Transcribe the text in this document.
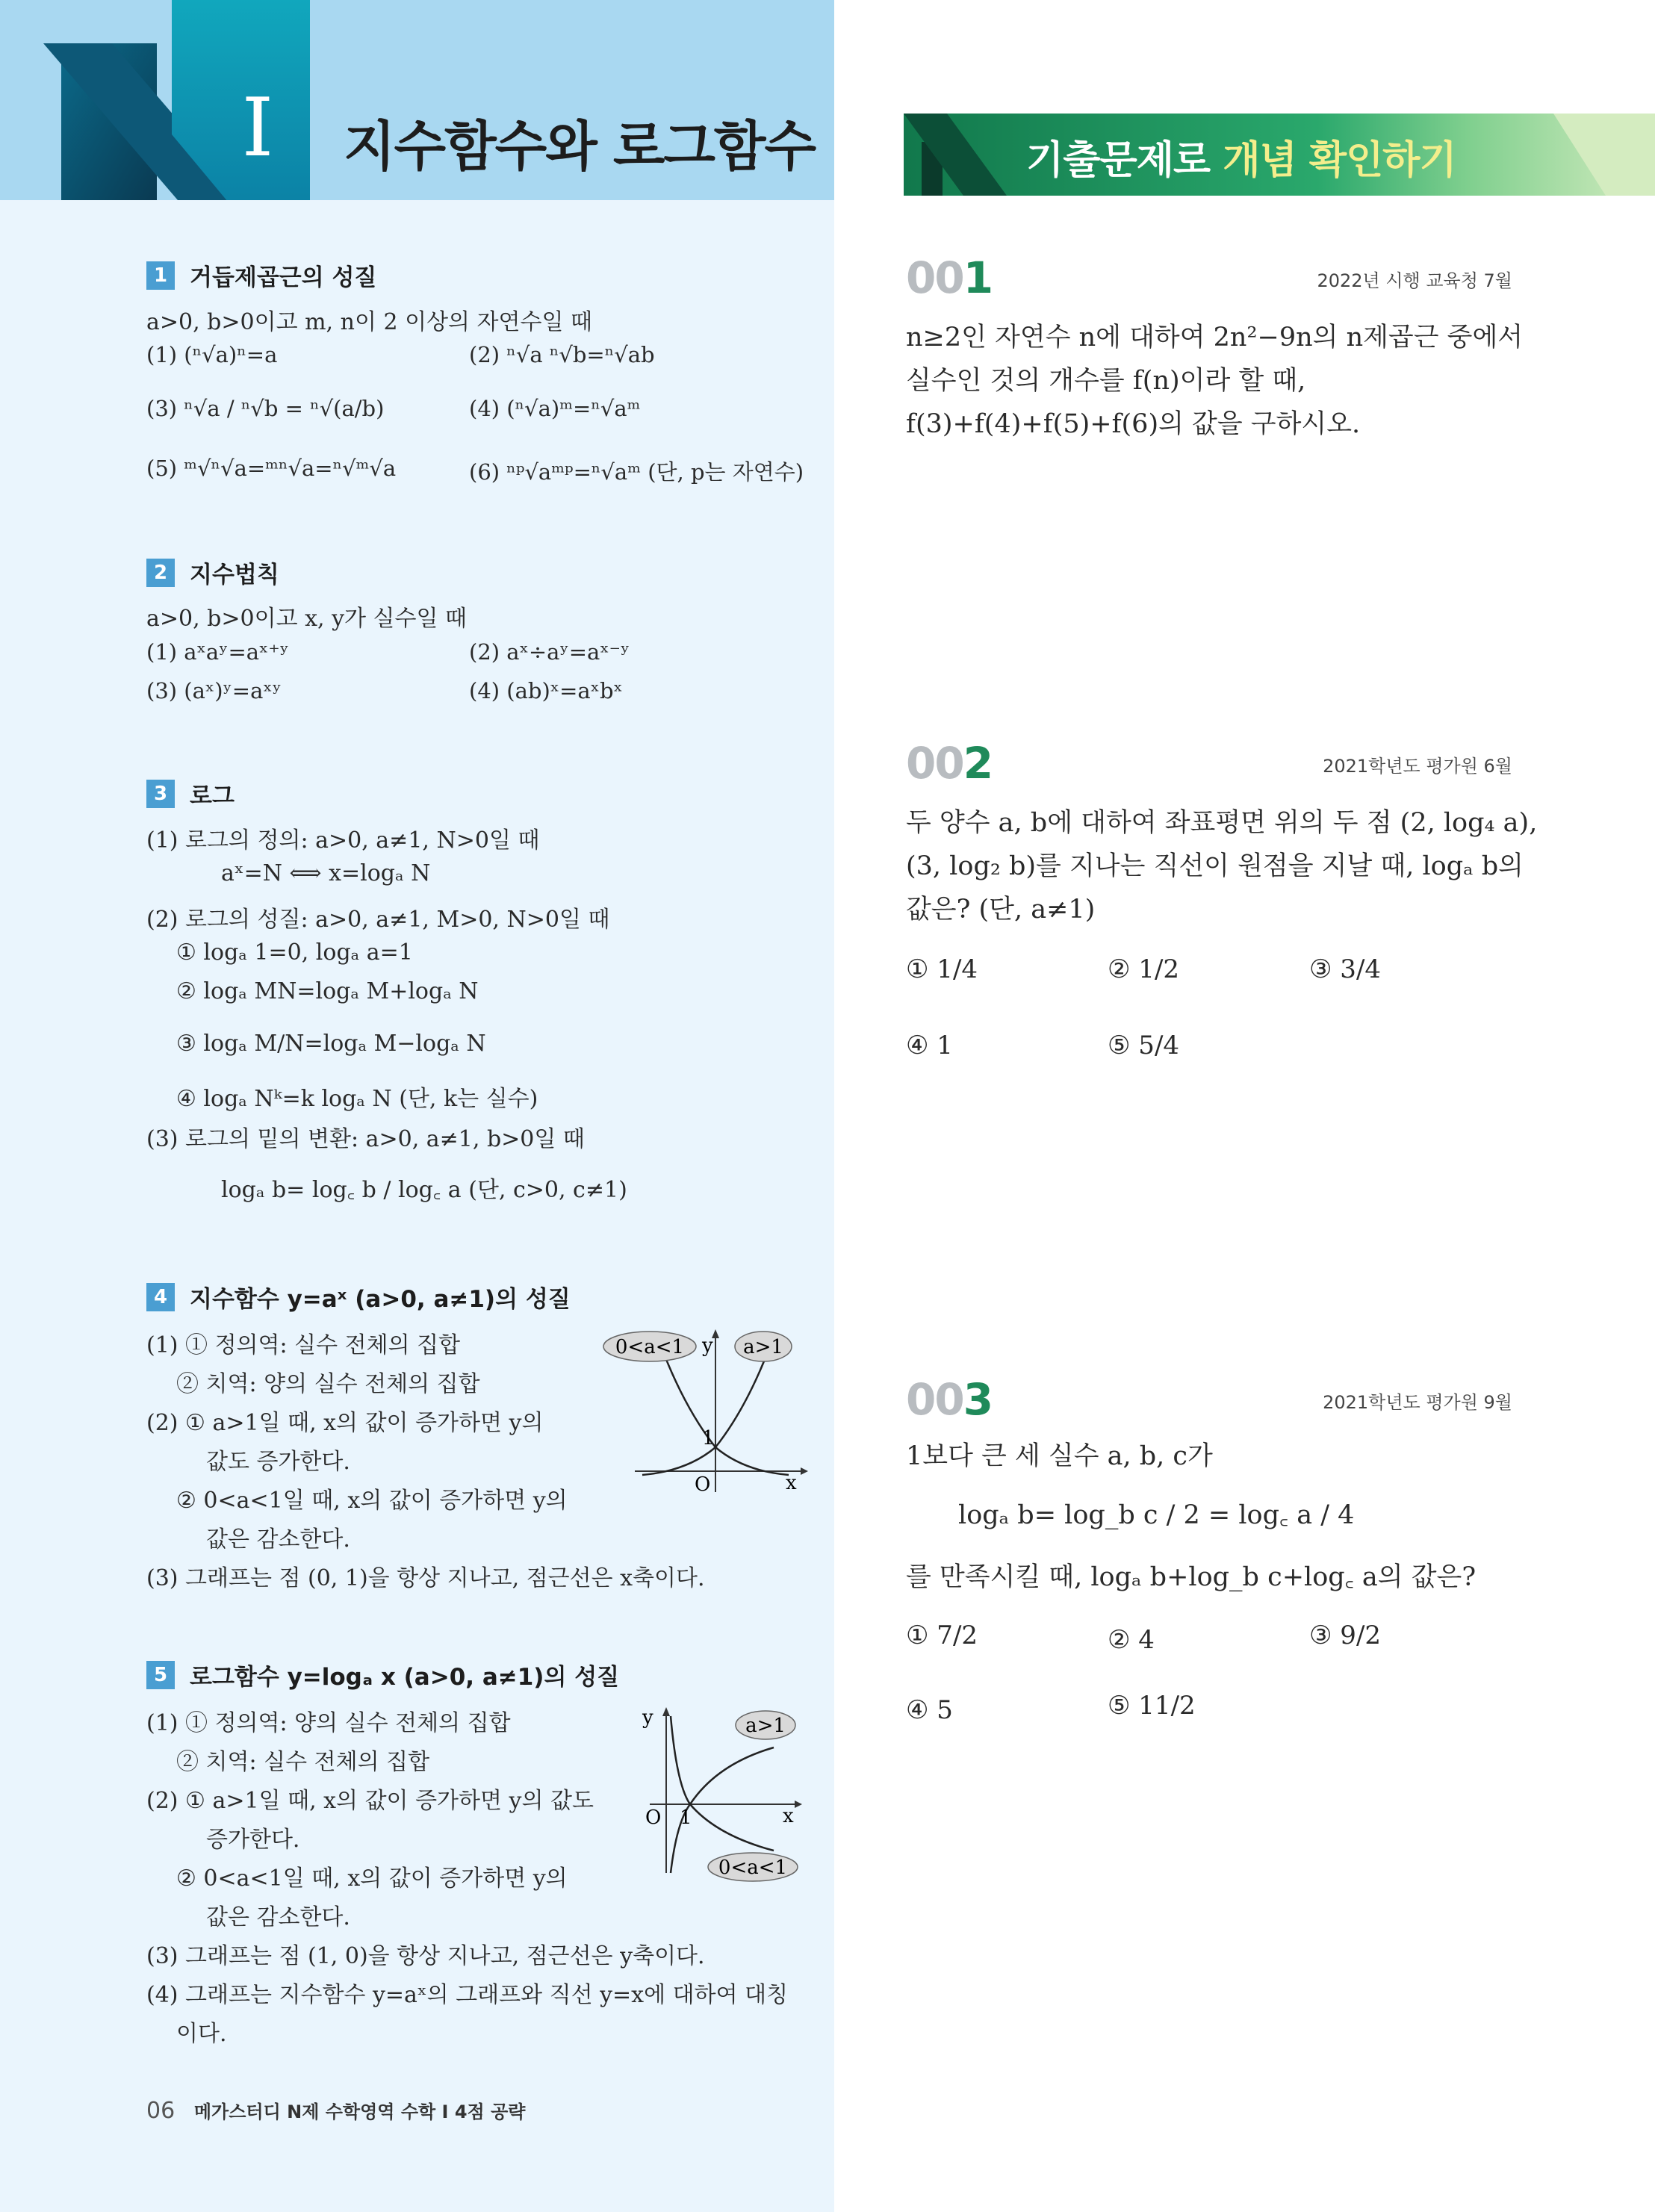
I 지수함수와 로그함수
1 거듭제곱근의 성질
a>0, b>0이고 m, n이 2 이상의 자연수일 때
(1) (ⁿ√a)ⁿ=a	(2) ⁿ√a ⁿ√b=ⁿ√ab
(3) ⁿ√a / ⁿ√b = ⁿ√(a/b)	(4) (ⁿ√a)ᵐ=ⁿ√aᵐ
(5) ᵐ√ⁿ√a=ᵐⁿ√a=ⁿ√ᵐ√a	(6) ⁿᵖ√aᵐᵖ=ⁿ√aᵐ (단, p는 자연수)
2 지수법칙
a>0, b>0이고 x, y가 실수일 때
(1) aˣaʸ=aˣ⁺ʸ	(2) aˣ÷aʸ=aˣ⁻ʸ
(3) (aˣ)ʸ=aˣʸ	(4) (ab)ˣ=aˣbˣ
3 로그
(1) 로그의 정의: a>0, a≠1, N>0일 때
aˣ=N ⟺ x=logₐ N
(2) 로그의 성질: a>0, a≠1, M>0, N>0일 때
① logₐ 1=0, logₐ a=1
② logₐ MN=logₐ M+logₐ N
③ logₐ M/N=logₐ M−logₐ N
④ logₐ Nᵏ=k logₐ N (단, k는 실수)
(3) 로그의 밑의 변환: a>0, a≠1, b>0일 때
logₐ b= log꜀ b / log꜀ a (단, c>0, c≠1)
4 지수함수 y=aˣ (a>0, a≠1)의 성질
(1) ① 정의역: 실수 전체의 집합
② 치역: 양의 실수 전체의 집합
(2) ① a>1일 때, x의 값이 증가하면 y의
값도 증가한다.
② 0<a<1일 때, x의 값이 증가하면 y의
값은 감소한다.
(3) 그래프는 점 (0, 1)을 항상 지나고, 점근선은 x축이다.
0<a<1	a>1
y
x
O
1
5 로그함수 y=logₐ x (a>0, a≠1)의 성질
(1) ① 정의역: 양의 실수 전체의 집합
② 치역: 실수 전체의 집합
(2) ① a>1일 때, x의 값이 증가하면 y의 값도
증가한다.
② 0<a<1일 때, x의 값이 증가하면 y의
값은 감소한다.
(3) 그래프는 점 (1, 0)을 항상 지나고, 점근선은 y축이다.
(4) 그래프는 지수함수 y=aˣ의 그래프와 직선 y=x에 대하여 대칭
이다.
a>1
0<a<1
y
x
O 1
06 메가스터디 N제 수학영역 수학 I 4점 공략
기출문제로 개념 확인하기
001	2022년 시행 교육청 7월
n≥2인 자연수 n에 대하여 2n²−9n의 n제곱근 중에서
실수인 것의 개수를 f(n)이라 할 때,
f(3)+f(4)+f(5)+f(6)의 값을 구하시오.
002	2021학년도 평가원 6월
두 양수 a, b에 대하여 좌표평면 위의 두 점 (2, log₄ a),
(3, log₂ b)를 지나는 직선이 원점을 지날 때, logₐ b의
값은? (단, a≠1)
① 1/4	② 1/2	③ 3/4
④ 1	⑤ 5/4
003	2021학년도 평가원 9월
1보다 큰 세 실수 a, b, c가
logₐ b= log_b c / 2 = log꜀ a / 4
를 만족시킬 때, logₐ b+log_b c+log꜀ a의 값은?
① 7/2	② 4	③ 9/2
④ 5	⑤ 11/2
